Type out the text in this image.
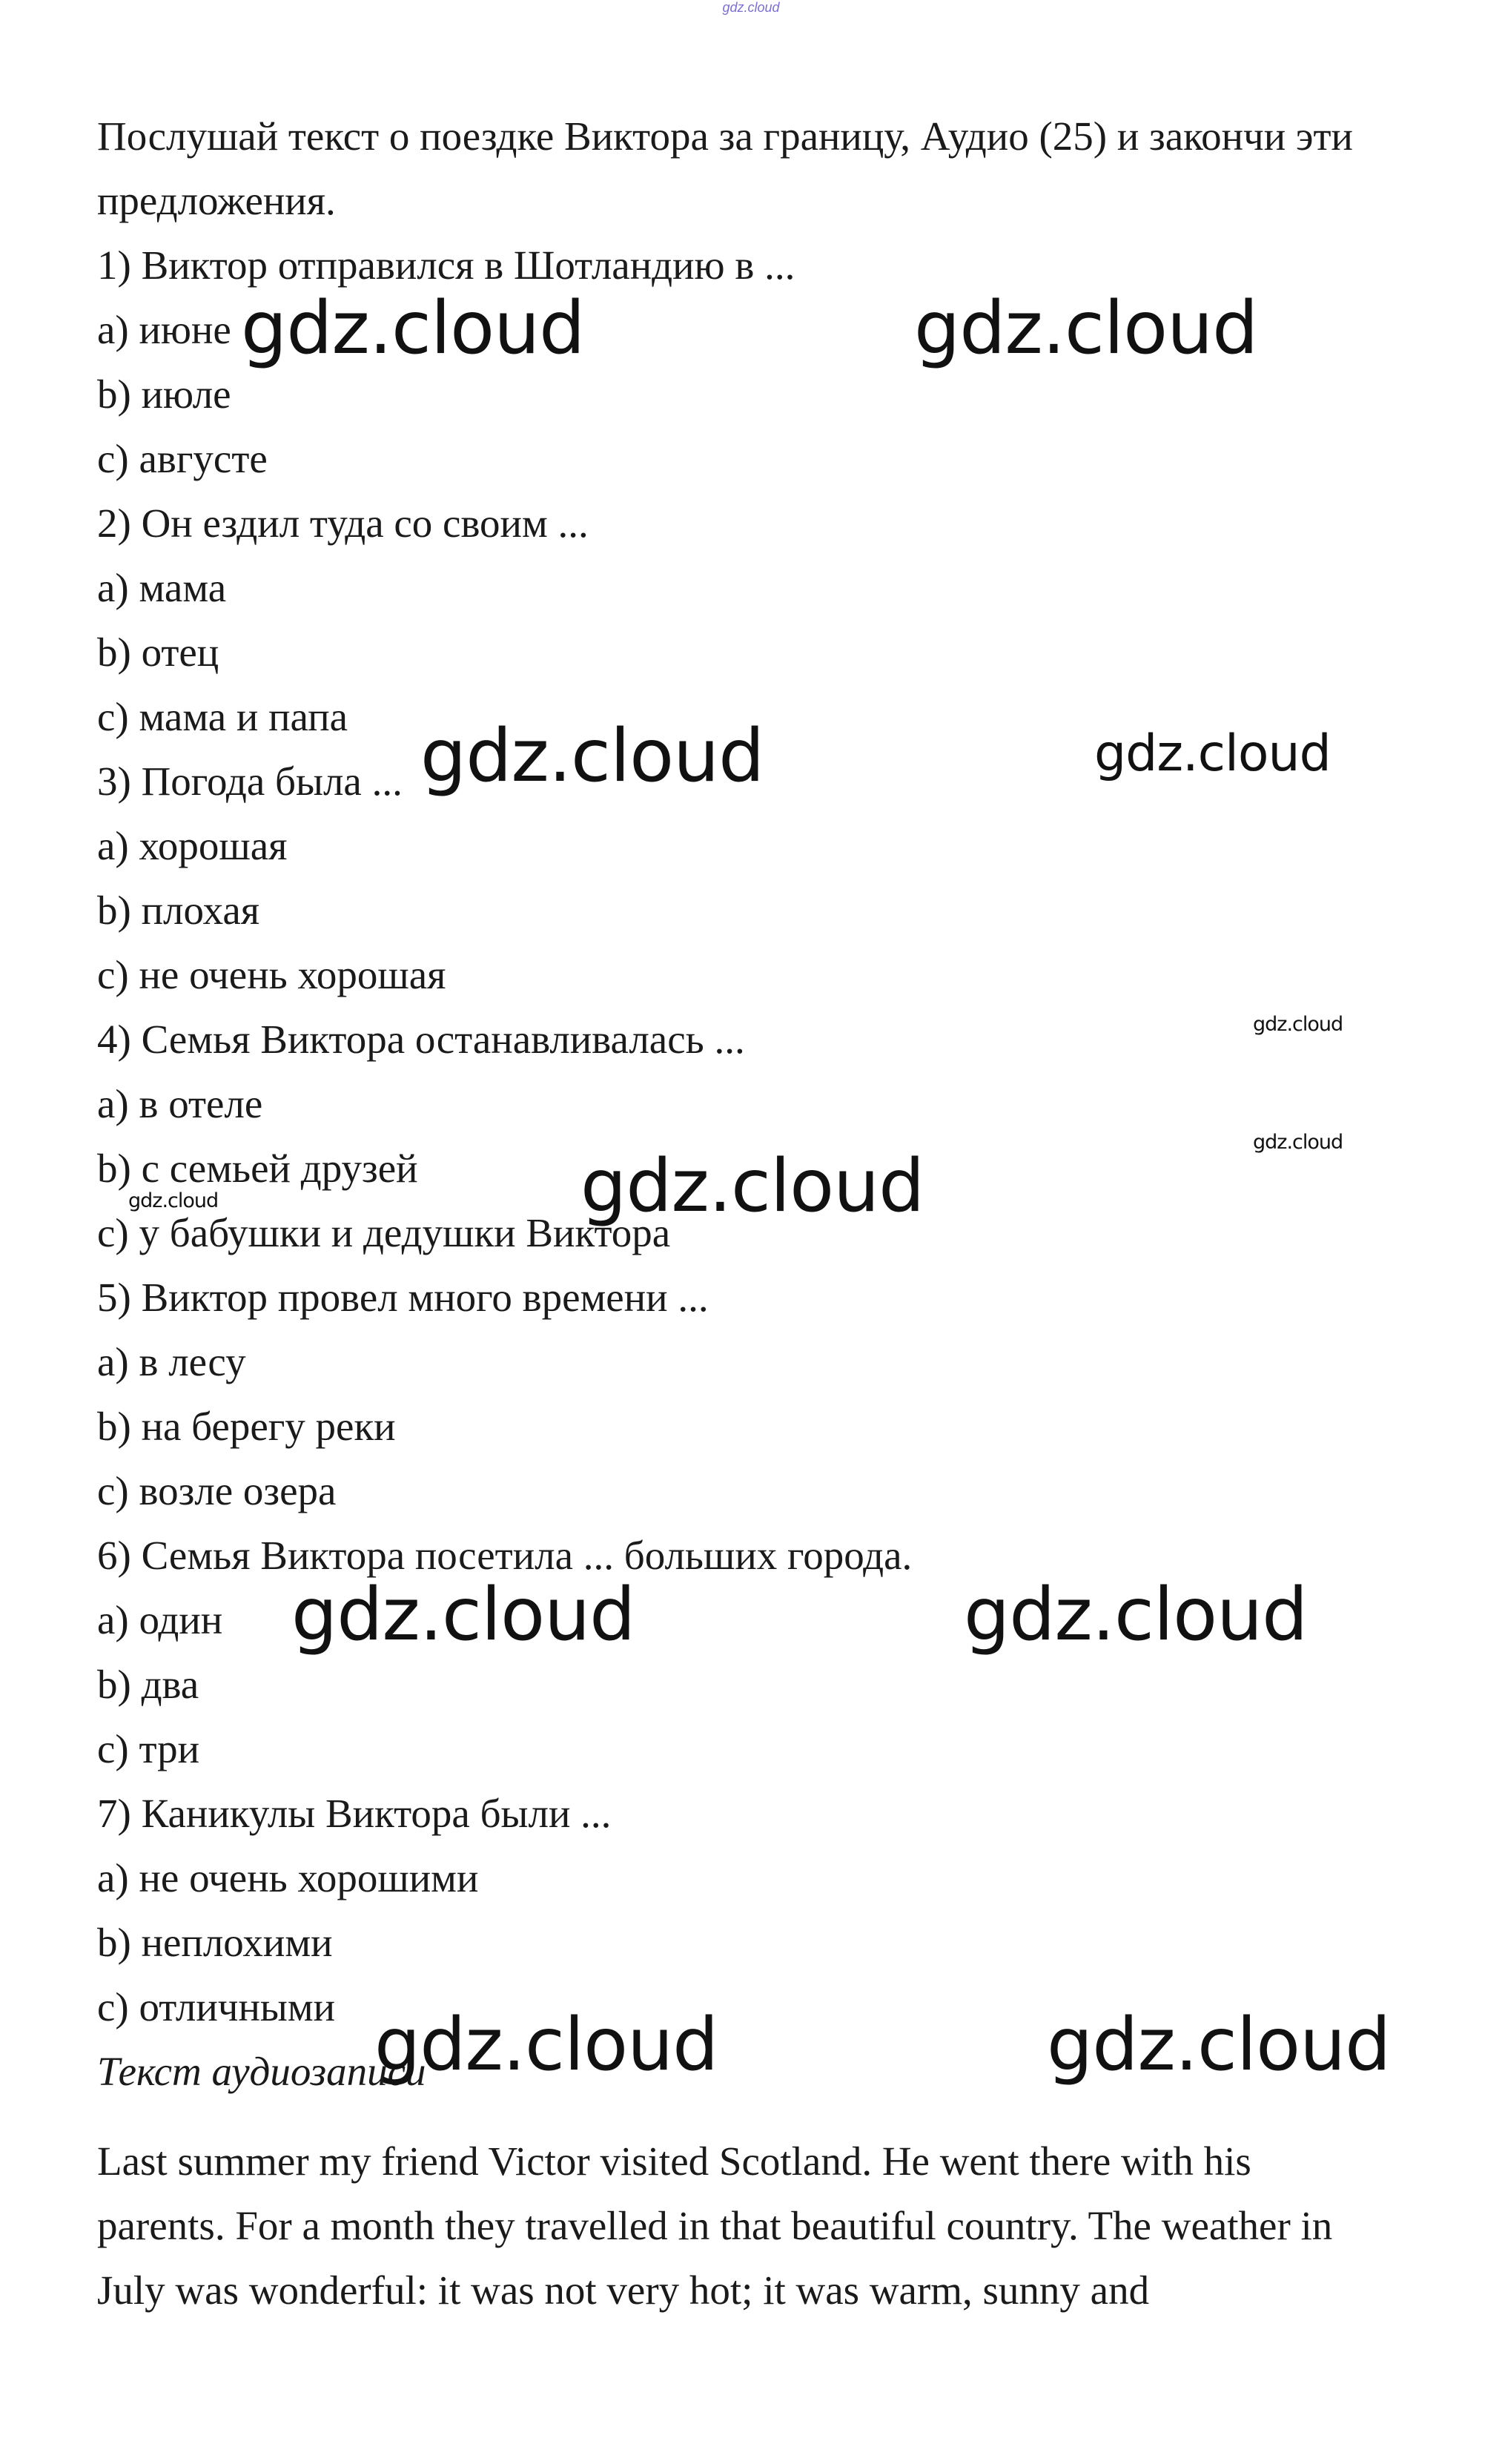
gdz.cloud
Послушай текст о поездке Виктора за границу, Аудио (25) и закончи эти предложения.
1) Виктор отправился в Шотландию в ...
a) июне
b) июле
c) августе
2) Он ездил туда со своим ...
a) мама
b) отец
c) мама и папа
3) Погода была ...
a) хорошая
b) плохая
c) не очень хорошая
4) Семья Виктора останавливалась ...
a) в отеле
b) с семьей друзей
c) у бабушки и дедушки Виктора
5) Виктор провел много времени ...
a) в лесу
b) на берегу реки
c) возле озера
6) Семья Виктора посетила ... больших города.
a) один
b) два
c) три
7) Каникулы Виктора были ...
a) не очень хорошими
b) неплохими
c) отличными
Текст аудиозаписи
Last summer my friend Victor visited Scotland. He went there with his parents. For a month they travelled in that beautiful country. The weather in July was wonderful: it was not very hot; it was warm, sunny and
gdz.cloud	gdz.cloud
gdz.cloud	gdz.cloud
gdz.cloud
gdz.cloud
gdz.cloud
gdz.cloud
gdz.cloud	gdz.cloud
gdz.cloud	gdz.cloud
